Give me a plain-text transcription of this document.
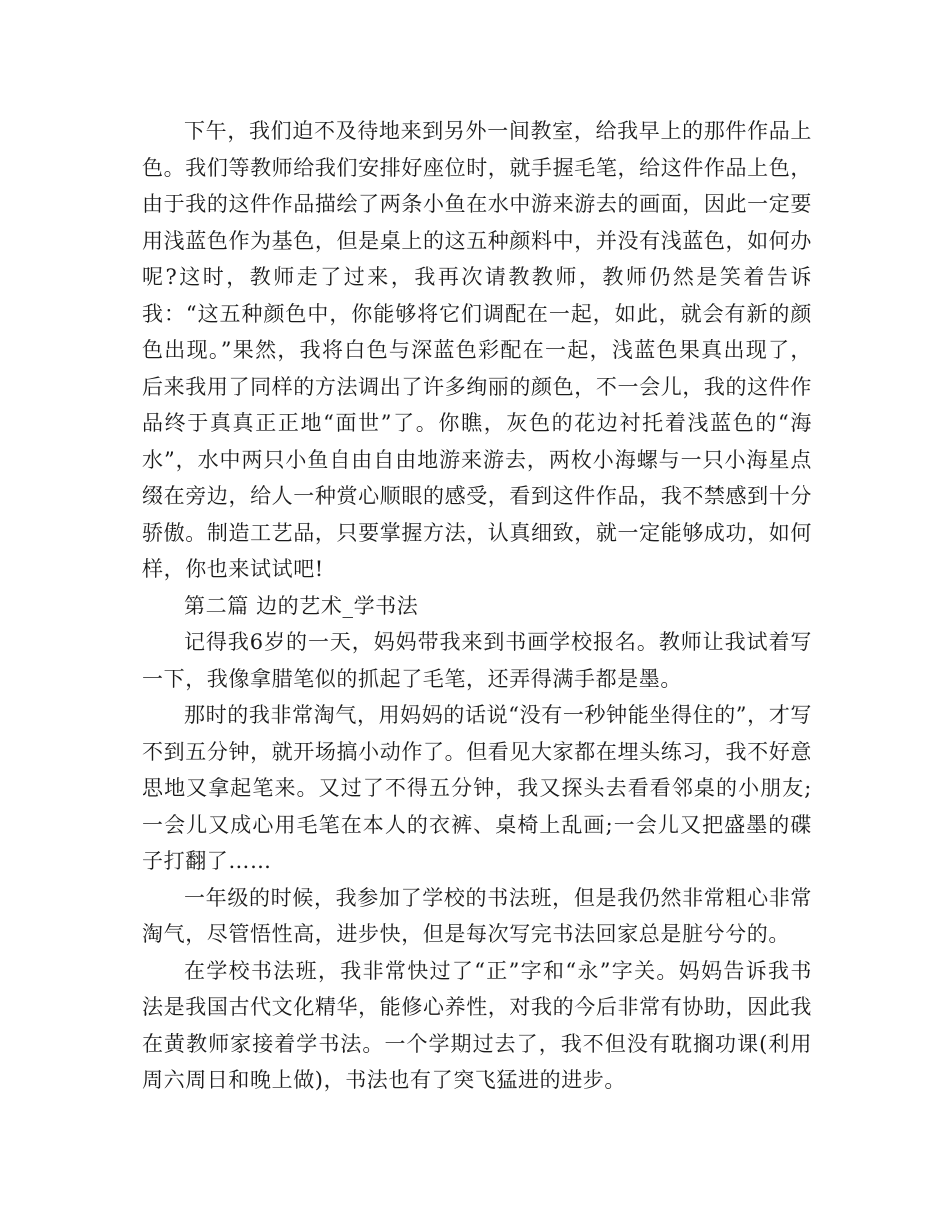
下午，我们迫不及待地来到另外一间教室，给我早上的那件作品上色。我们等教师给我们安排好座位时，就手握毛笔，给这件作品上色，由于我的这件作品描绘了两条小鱼在水中游来游去的画面，因此一定要用浅蓝色作为基色，但是桌上的这五种颜料中，并没有浅蓝色，如何办呢?这时，教师走了过来，我再次请教教师，教师仍然是笑着告诉我：“这五种颜色中，你能够将它们调配在一起，如此，就会有新的颜色出现。”果然，我将白色与深蓝色彩配在一起，浅蓝色果真出现了，后来我用了同样的方法调出了许多绚丽的颜色，不一会儿，我的这件作品终于真真正正地“面世”了。你瞧，灰色的花边衬托着浅蓝色的“海水”，水中两只小鱼自由自由地游来游去，两枚小海螺与一只小海星点缀在旁边，给人一种赏心顺眼的感受，看到这件作品，我不禁感到十分骄傲。制造工艺品，只要掌握方法，认真细致，就一定能够成功，如何样，你也来试试吧!

第二篇 边的艺术_学书法

记得我6岁的一天，妈妈带我来到书画学校报名。教师让我试着写一下，我像拿腊笔似的抓起了毛笔，还弄得满手都是墨。

那时的我非常淘气，用妈妈的话说“没有一秒钟能坐得住的”，才写不到五分钟，就开场搞小动作了。但看见大家都在埋头练习，我不好意思地又拿起笔来。又过了不得五分钟，我又探头去看看邻桌的小朋友;一会儿又成心用毛笔在本人的衣裤、桌椅上乱画;一会儿又把盛墨的碟子打翻了……

一年级的时候，我参加了学校的书法班，但是我仍然非常粗心非常淘气，尽管悟性高，进步快，但是每次写完书法回家总是脏兮兮的。

在学校书法班，我非常快过了“正”字和“永”字关。妈妈告诉我书法是我国古代文化精华，能修心养性，对我的今后非常有协助，因此我在黄教师家接着学书法。一个学期过去了，我不但没有耽搁功课(利用周六周日和晚上做)，书法也有了突飞猛进的进步。
